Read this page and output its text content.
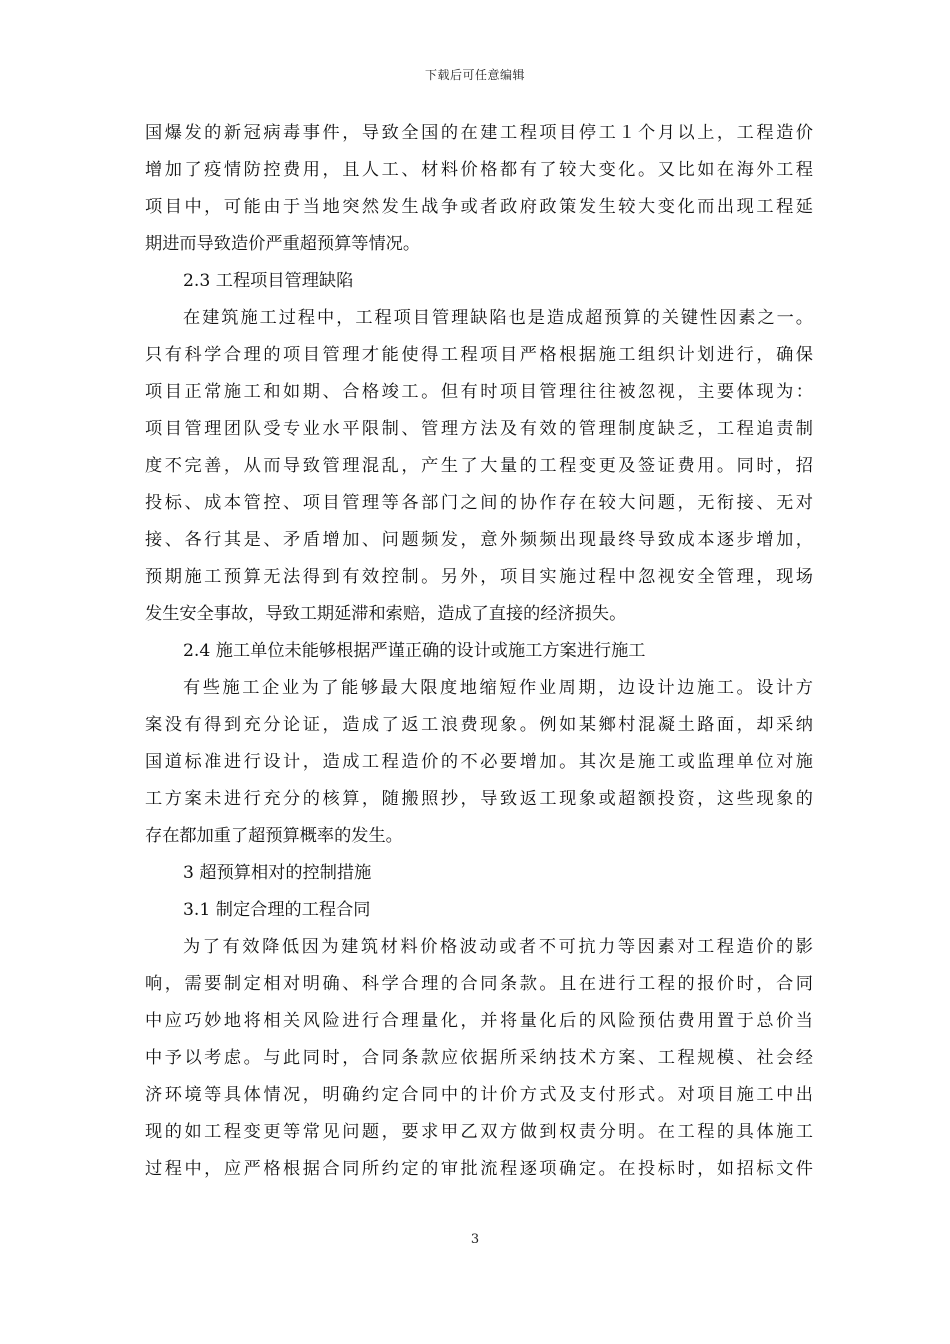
下载后可任意编辑
国爆发的新冠病毒事件，导致全国的在建工程项目停工１个月以上，工程造价
增加了疫情防控费用，且人工、材料价格都有了较大变化。又比如在海外工程
项目中，可能由于当地突然发生战争或者政府政策发生较大变化而出现工程延
期进而导致造价严重超预算等情况。
2.3 工程项目管理缺陷
在建筑施工过程中，工程项目管理缺陷也是造成超预算的关键性因素之一。
只有科学合理的项目管理才能使得工程项目严格根据施工组织计划进行，确保
项目正常施工和如期、合格竣工。但有时项目管理往往被忽视，主要体现为：
项目管理团队受专业水平限制、管理方法及有效的管理制度缺乏，工程追责制
度不完善，从而导致管理混乱，产生了大量的工程变更及签证费用。同时，招
投标、成本管控、项目管理等各部门之间的协作存在较大问题，无衔接、无对
接、各行其是、矛盾增加、问题频发，意外频频出现最终导致成本逐步增加，
预期施工预算无法得到有效控制。另外，项目实施过程中忽视安全管理，现场
发生安全事故，导致工期延滞和索赔，造成了直接的经济损失。
2.4 施工单位未能够根据严谨正确的设计或施工方案进行施工
有些施工企业为了能够最大限度地缩短作业周期，边设计边施工。设计方
案没有得到充分论证，造成了返工浪费现象。例如某鄉村混凝土路面，却采纳
国道标准进行设计，造成工程造价的不必要增加。其次是施工或监理单位对施
工方案未进行充分的核算，随搬照抄，导致返工现象或超额投资，这些现象的
存在都加重了超预算概率的发生。
3 超预算相对的控制措施
3.1 制定合理的工程合同
为了有效降低因为建筑材料价格波动或者不可抗力等因素对工程造价的影
响，需要制定相对明确、科学合理的合同条款。且在进行工程的报价时，合同
中应巧妙地将相关风险进行合理量化，并将量化后的风险预估费用置于总价当
中予以考虑。与此同时，合同条款应依据所采纳技术方案、工程规模、社会经
济环境等具体情况，明确约定合同中的计价方式及支付形式。对项目施工中出
现的如工程变更等常见问题，要求甲乙双方做到权责分明。在工程的具体施工
过程中，应严格根据合同所约定的审批流程逐项确定。在投标时，如招标文件
3
